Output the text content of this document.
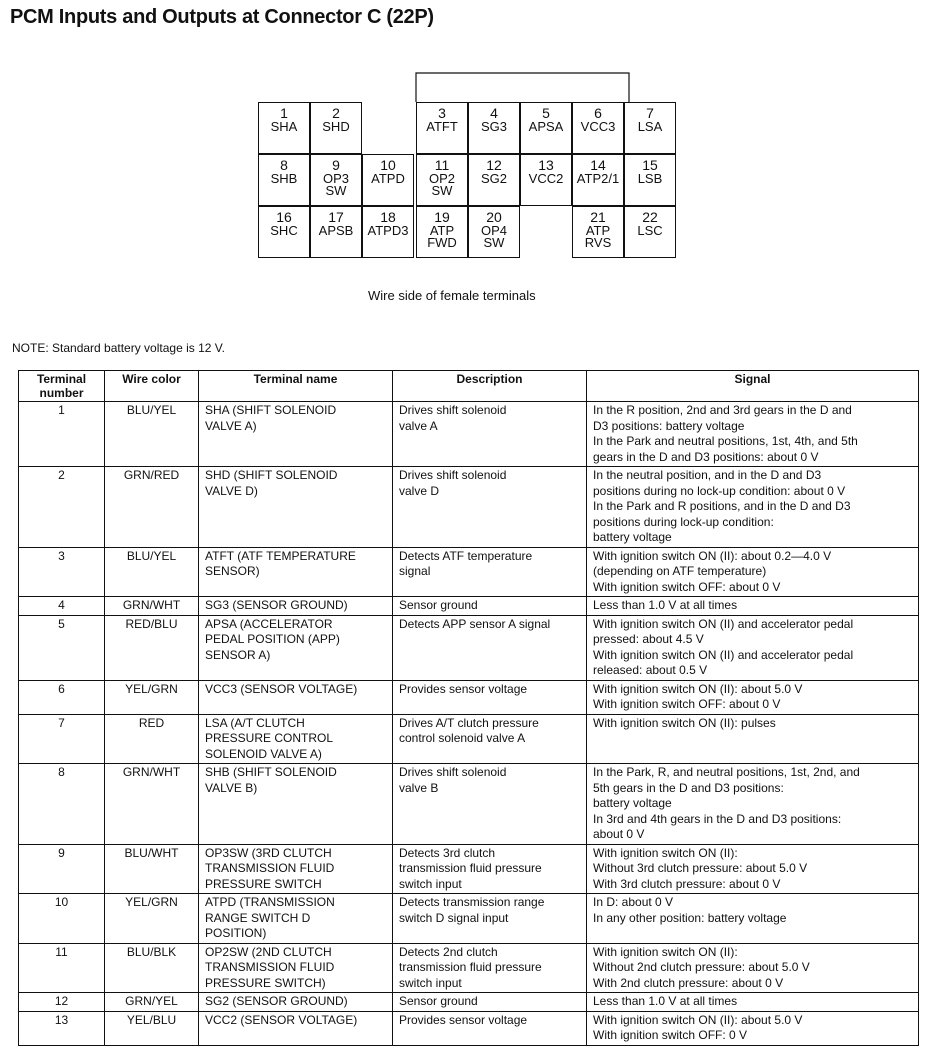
PCM Inputs and Outputs at Connector C (22P)
1
SHA
2
SHD
3
ATFT
4
SG3
5
APSA
6
VCC3
7
LSA
8
SHB
9
OP3
SW
10
ATPD
11
OP2
SW
12
SG2
13
VCC2
14
ATP2/1
15
LSB
16
SHC
17
APSB
18
ATPD3
19
ATP
FWD
20
OP4
SW
21
ATP
RVS
22
LSC
Wire side of female terminals
NOTE: Standard battery voltage is 12 V.
Terminal number	Wire color	Terminal name	Description	Signal
1	BLU/YEL	SHA (SHIFT SOLENOID
VALVE A)	Drives shift solenoid
valve A	In the R position, 2nd and 3rd gears in the D and
D3 positions: battery voltage
In the Park and neutral positions, 1st, 4th, and 5th
gears in the D and D3 positions: about 0 V
2	GRN/RED	SHD (SHIFT SOLENOID
VALVE D)	Drives shift solenoid
valve D	In the neutral position, and in the D and D3
positions during no lock-up condition: about 0 V
In the Park and R positions, and in the D and D3
positions during lock-up condition:
battery voltage
3	BLU/YEL	ATFT (ATF TEMPERATURE
SENSOR)	Detects ATF temperature
signal	With ignition switch ON (II): about 0.2—4.0 V
(depending on ATF temperature)
With ignition switch OFF: about 0 V
4	GRN/WHT	SG3 (SENSOR GROUND)	Sensor ground	Less than 1.0 V at all times
5	RED/BLU	APSA (ACCELERATOR
PEDAL POSITION (APP)
SENSOR A)	Detects APP sensor A signal	With ignition switch ON (II) and accelerator pedal
pressed: about 4.5 V
With ignition switch ON (II) and accelerator pedal
released: about 0.5 V
6	YEL/GRN	VCC3 (SENSOR VOLTAGE)	Provides sensor voltage	With ignition switch ON (II): about 5.0 V
With ignition switch OFF: about 0 V
7	RED	LSA (A/T CLUTCH
PRESSURE CONTROL
SOLENOID VALVE A)	Drives A/T clutch pressure
control solenoid valve A	With ignition switch ON (II): pulses
8	GRN/WHT	SHB (SHIFT SOLENOID
VALVE B)	Drives shift solenoid
valve B	In the Park, R, and neutral positions, 1st, 2nd, and
5th gears in the D and D3 positions:
battery voltage
In 3rd and 4th gears in the D and D3 positions:
about 0 V
9	BLU/WHT	OP3SW (3RD CLUTCH
TRANSMISSION FLUID
PRESSURE SWITCH	Detects 3rd clutch
transmission fluid pressure
switch input	With ignition switch ON (II):
Without 3rd clutch pressure: about 5.0 V
With 3rd clutch pressure: about 0 V
10	YEL/GRN	ATPD (TRANSMISSION
RANGE SWITCH D
POSITION)	Detects transmission range
switch D signal input	In D: about 0 V
In any other position: battery voltage
11	BLU/BLK	OP2SW (2ND CLUTCH
TRANSMISSION FLUID
PRESSURE SWITCH)	Detects 2nd clutch
transmission fluid pressure
switch input	With ignition switch ON (II):
Without 2nd clutch pressure: about 5.0 V
With 2nd clutch pressure: about 0 V
12	GRN/YEL	SG2 (SENSOR GROUND)	Sensor ground	Less than 1.0 V at all times
13	YEL/BLU	VCC2 (SENSOR VOLTAGE)	Provides sensor voltage	With ignition switch ON (II): about 5.0 V
With ignition switch OFF: 0 V
